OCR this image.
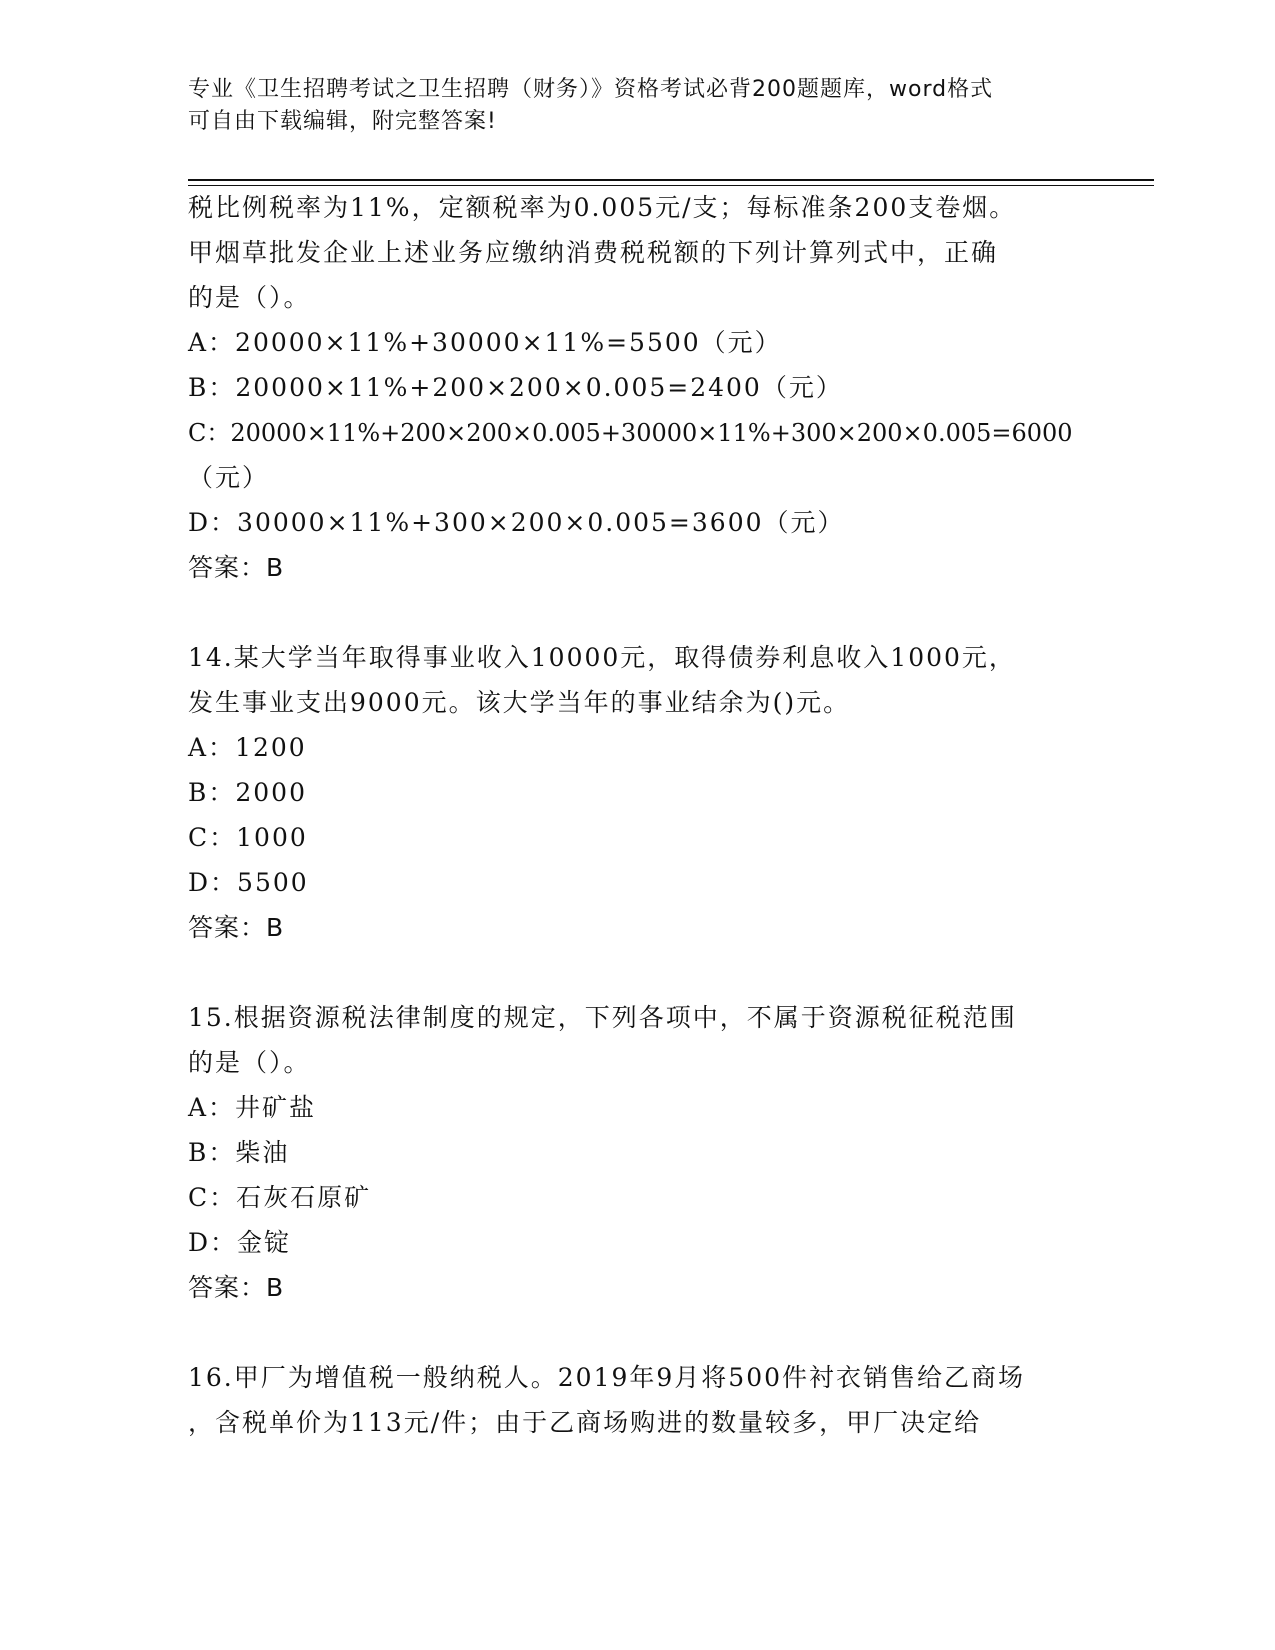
专业《卫生招聘考试之卫生招聘（财务）》资格考试必背200题题库，word格式
可自由下载编辑，附完整答案!

税比例税率为11%，定额税率为0.005元/支；每标准条200支卷烟。

甲烟草批发企业上述业务应缴纳消费税税额的下列计算列式中，正确

的是（）。

A：20000×11%+30000×11%=5500（元）

B：20000×11%+200×200×0.005=2400（元）

C：20000×11%+200×200×0.005+30000×11%+300×200×0.005=6000

（元）

D：30000×11%+300×200×0.005=3600（元）

答案：B

14.某大学当年取得事业收入10000元，取得债券利息收入1000元，

发生事业支出9000元。该大学当年的事业结余为()元。

A：1200

B：2000

C：1000

D：5500

答案：B

15.根据资源税法律制度的规定，下列各项中，不属于资源税征税范围

的是（）。

A：井矿盐

B：柴油

C：石灰石原矿

D：金锭

答案：B

16.甲厂为增值税一般纳税人。2019年9月将500件衬衣销售给乙商场

，含税单价为113元/件；由于乙商场购进的数量较多，甲厂决定给
